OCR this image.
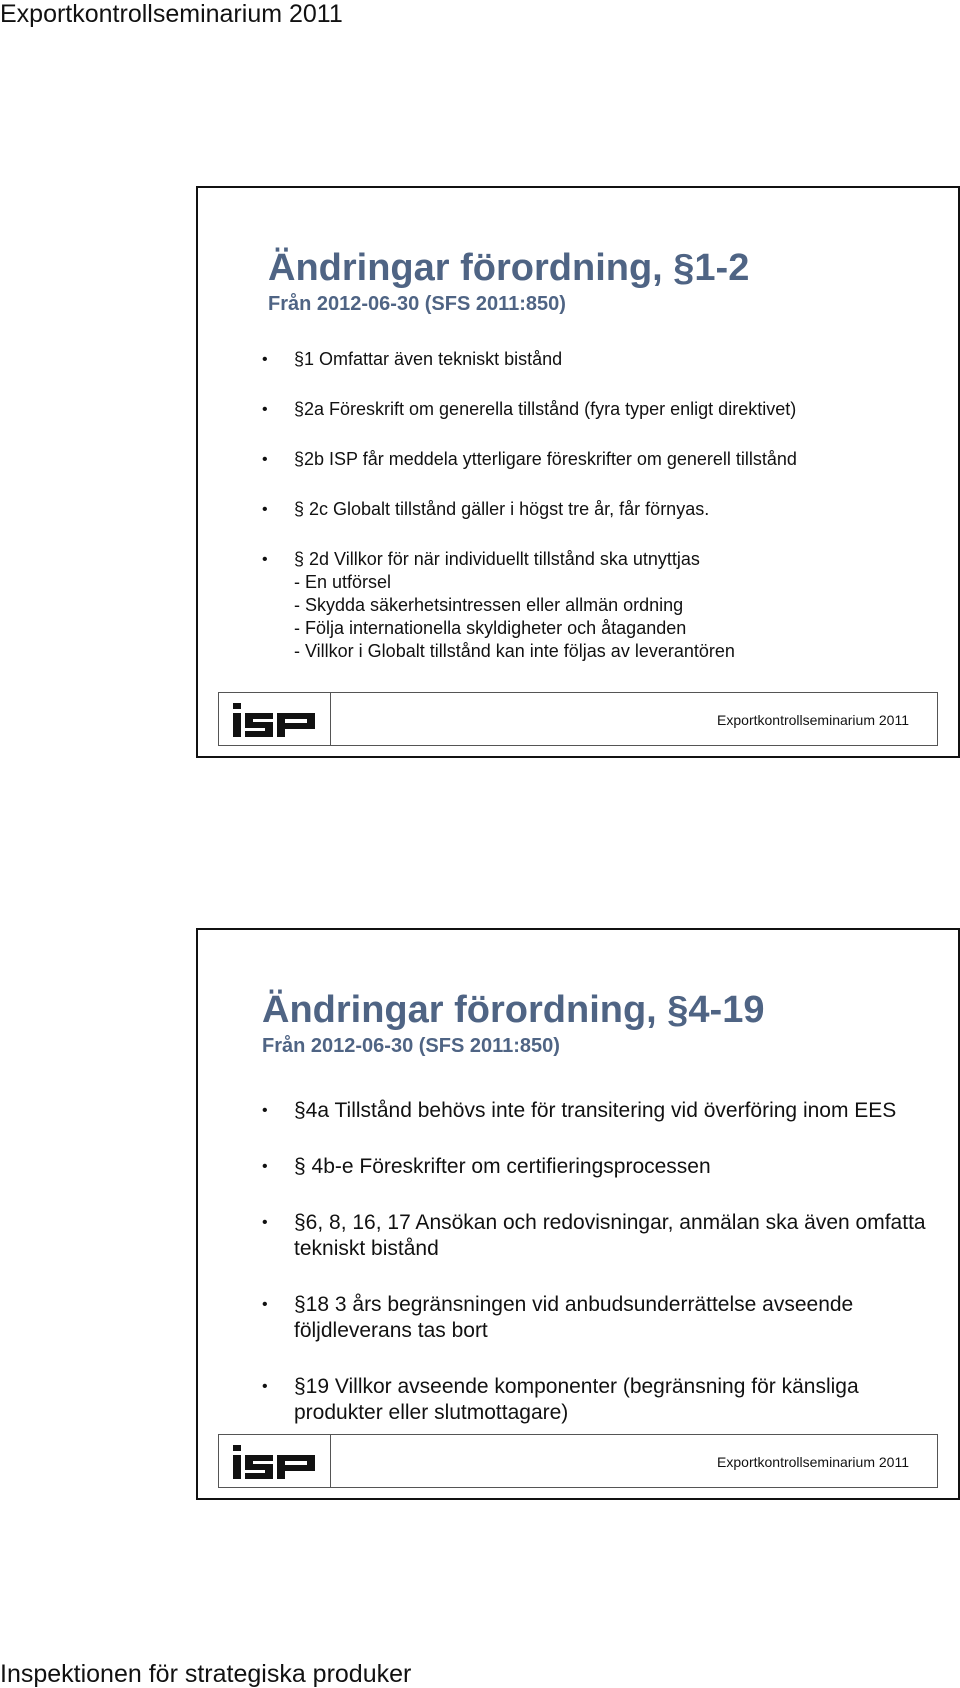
Exportkontrollseminarium 2011
Ändringar förordning, §1-2
Från 2012-06-30 (SFS 2011:850)
• §1 Omfattar även tekniskt bistånd
• §2a Föreskrift om generella tillstånd (fyra typer enligt direktivet)
• §2b ISP får meddela ytterligare föreskrifter om generell tillstånd
• § 2c Globalt tillstånd gäller i högst tre år, får förnyas.
• § 2d Villkor för när individuellt tillstånd ska utnyttjas
- En utförsel
- Skydda säkerhetsintressen eller allmän ordning
- Följa internationella skyldigheter och åtaganden
- Villkor i Globalt tillstånd kan inte följas av leverantören
Exportkontrollseminarium 2011
Ändringar förordning, §4-19
Från 2012-06-30 (SFS 2011:850)
• §4a Tillstånd behövs inte för transitering vid överföring inom EES
• § 4b-e Föreskrifter om certifieringsprocessen
• §6, 8, 16, 17 Ansökan och redovisningar, anmälan ska även omfatta tekniskt bistånd
• §18 3 års begränsningen vid anbudsunderrättelse avseende följdleverans tas bort
• §19 Villkor avseende komponenter (begränsning för känsliga produkter eller slutmottagare)
Exportkontrollseminarium 2011
Inspektionen för strategiska produker
